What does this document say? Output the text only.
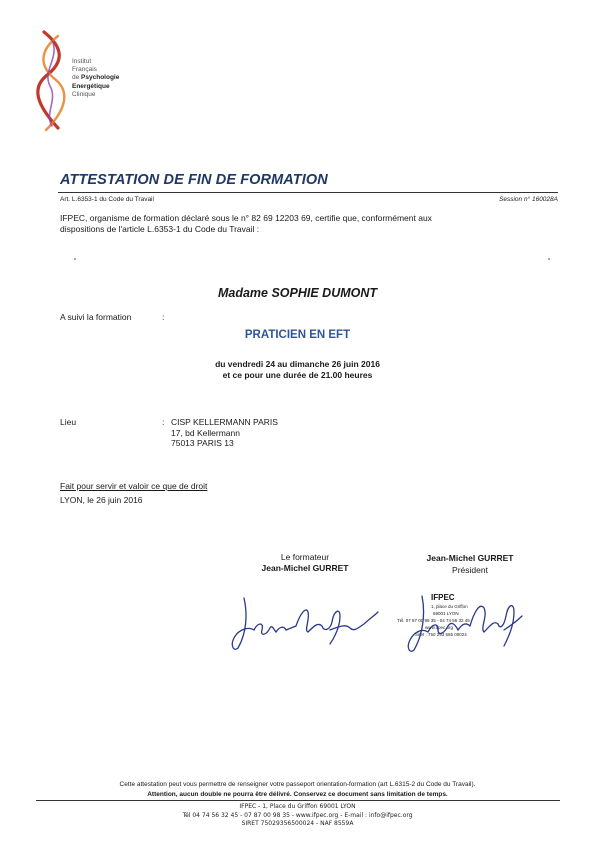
Institut
Français
de Psychologie
Energétique
Clinique
ATTESTATION DE FIN DE FORMATION
Art. L.6353-1 du Code du Travail	Session n° 160028A
IFPEC, organisme de formation déclaré sous le n° 82 69 12203 69, certifie que, conformément aux
dispositions de l'article L.6353-1 du Code du Travail :
Madame SOPHIE DUMONT
A suivi la formation	:
PRATICIEN EN EFT
du vendredi 24 au dimanche 26 juin 2016
et ce pour une durée de 21.00 heures
Lieu	: CISP KELLERMANN PARIS
17, bd Kellermann
75013 PARIS 13
Fait pour servir et valoir ce que de droit
LYON, le 26 juin 2016
Le formateur
Jean-Michel GURRET
Jean-Michel GURRET
Président
IFPEC
1, place du Griffon
69001 LYON
Tél. 07 87 00 98 35 - 04 74 56 32 45
www.ifpec.org
Siret : 750 293 565 00024
Cette attestation peut vous permettre de renseigner votre passeport orientation-formation (art L.6315-2 du Code du Travail).
Attention, aucun double ne pourra être délivré. Conservez ce document sans limitation de temps.
IFPEC - 1, Place du Griffon 69001 LYON
Tél 04 74 56 32 45 - 07 87 00 98 35 - www.ifpec.org - E-mail : info@ifpec.org
SIRET 75029356500024 - NAF 8559A
